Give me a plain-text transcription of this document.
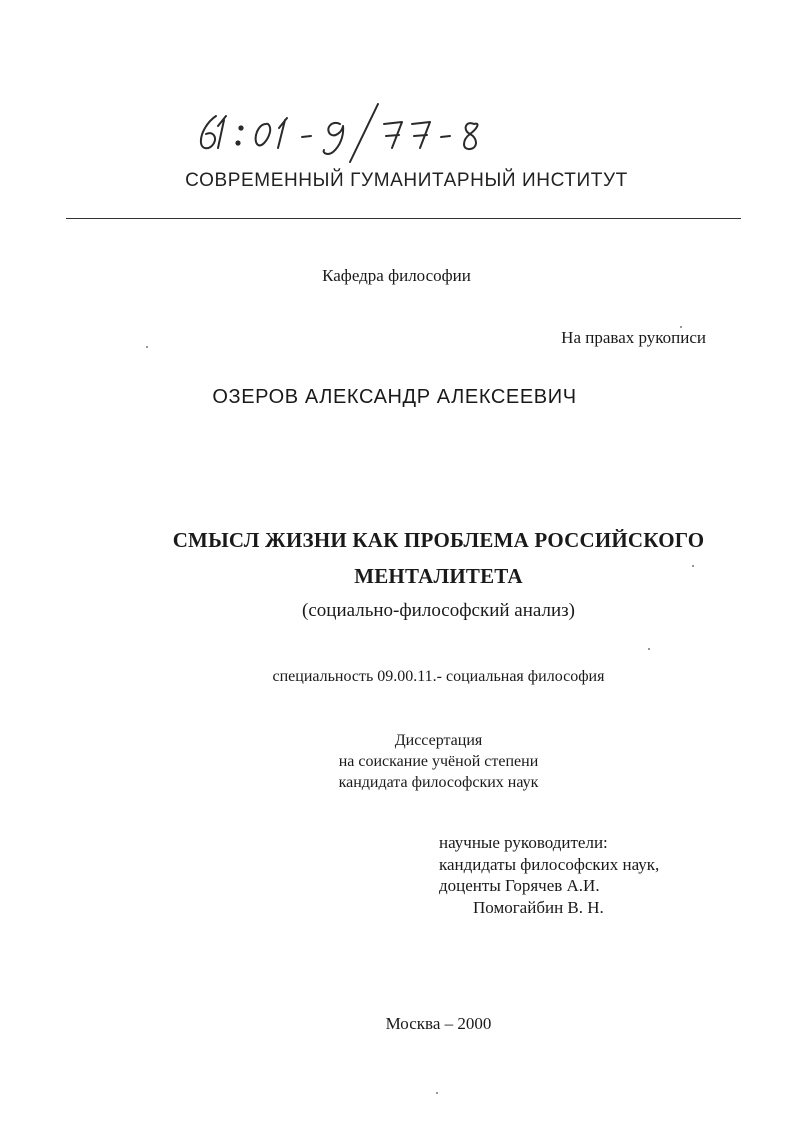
СОВРЕМЕННЫЙ ГУМАНИТАРНЫЙ ИНСТИТУТ
Кафедра философии
На правах рукописи
ОЗЕРОВ АЛЕКСАНДР АЛЕКСЕЕВИЧ
СМЫСЛ ЖИЗНИ КАК ПРОБЛЕМА РОССИЙСКОГО
МЕНТАЛИТЕТА
(социально-философский анализ)
специальность 09.00.11.- социальная философия
Диссертация
на соискание учёной степени
кандидата философских наук
научные руководители:
кандидаты философских наук,
доценты Горячев А.И.
Помогайбин В. Н.
Москва – 2000
